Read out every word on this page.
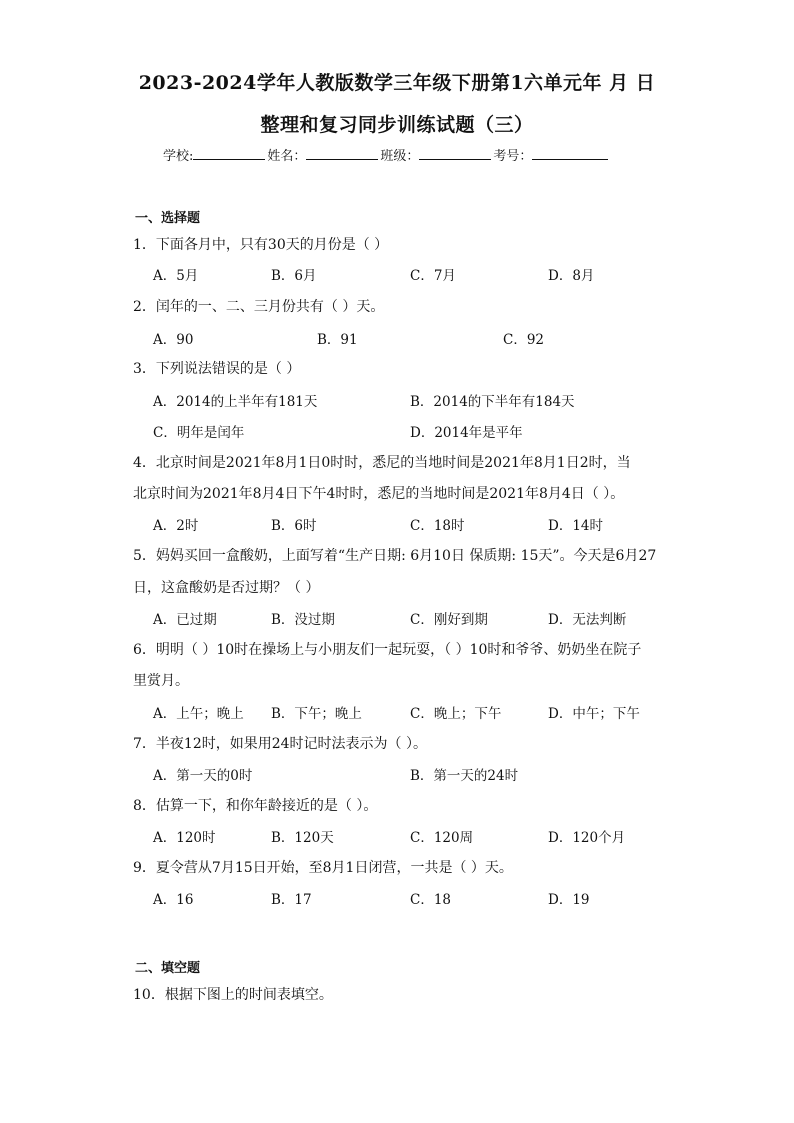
2023-2024学年人教版数学三年级下册第1六单元年 月 日
整理和复习同步训练试题（三）
学校:	姓名：	班级：	考号：
一、选择题
1．下面各月中，只有30天的月份是（ ）
A．5月	B．6月	C．7月	D．8月
2．闰年的一、二、三月份共有（ ）天。
A．90	B．91	C．92
3．下列说法错误的是（ ）
A．2014的上半年有181天	B．2014的下半年有184天
C．明年是闰年	D．2014年是平年
4．北京时间是2021年8月1日0时时，悉尼的当地时间是2021年8月1日2时，当
北京时间为2021年8月4日下午4时时，悉尼的当地时间是2021年8月4日（ ）。
A．2时	B．6时	C．18时	D．14时
5．妈妈买回一盒酸奶，上面写着“生产日期: 6月10日 保质期: 15天”。今天是6月27
日，这盒酸奶是否过期？（ ）
A．已过期	B．没过期	C．刚好到期	D．无法判断
6．明明（ ）10时在操场上与小朋友们一起玩耍，（ ）10时和爷爷、奶奶坐在院子
里赏月。
A．上午；晚上 B．下午；晚上	C．晚上；下午	D．中午；下午
7．半夜12时，如果用24时记时法表示为（ ）。
A．第一天的0时	B．第一天的24时
8．估算一下，和你年龄接近的是（ ）。
A．120时	B．120天	C．120周	D．120个月
9．夏令营从7月15日开始，至8月1日闭营，一共是（ ）天。
A．16	B．17	C．18	D．19
二、填空题
10．根据下图上的时间表填空。
